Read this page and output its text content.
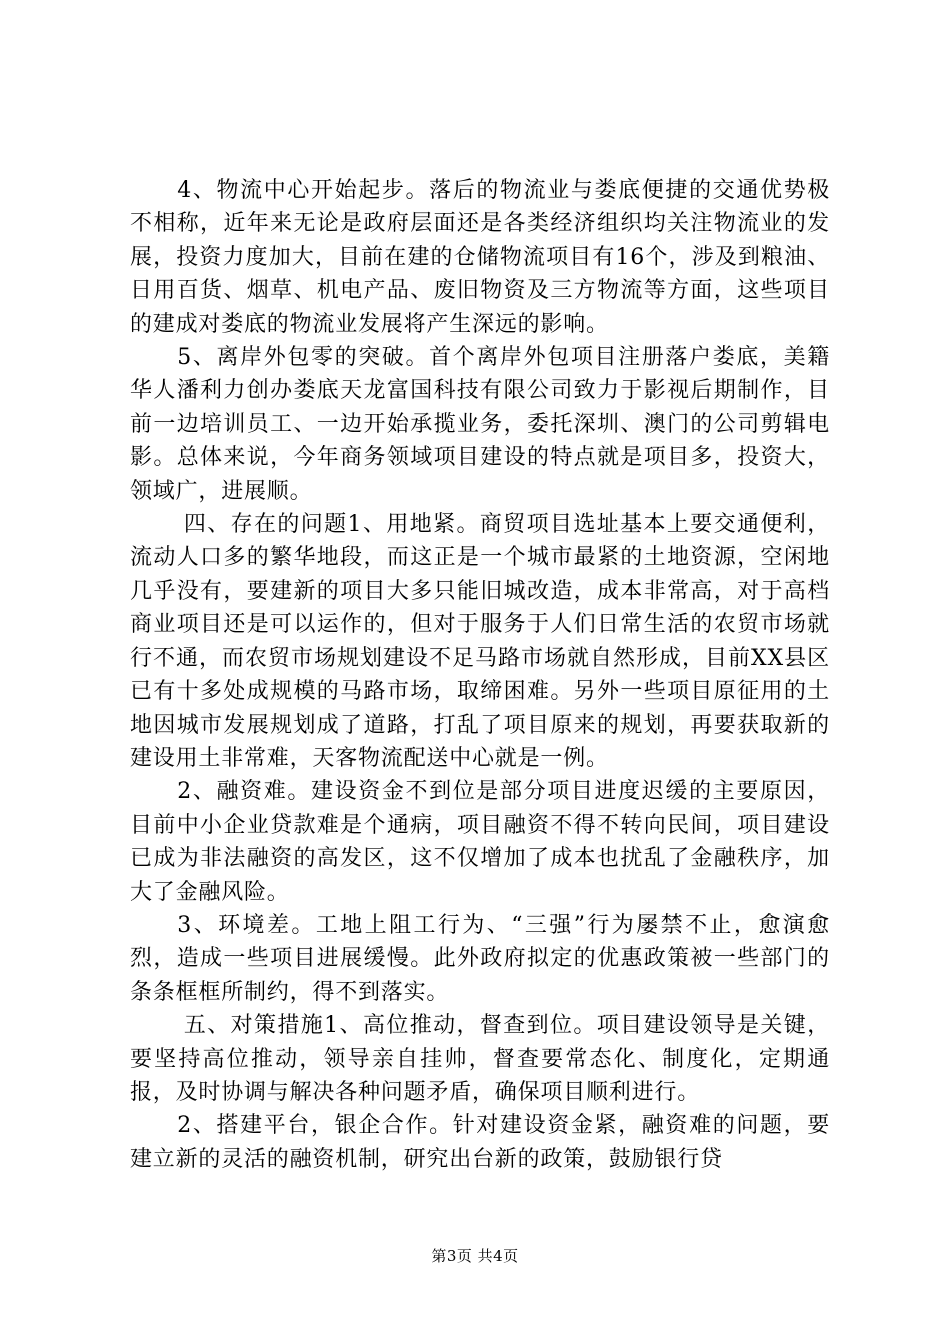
4、物流中心开始起步。落后的物流业与娄底便捷的交通优势极不相称，近年来无论是政府层面还是各类经济组织均关注物流业的发展，投资力度加大，目前在建的仓储物流项目有16个，涉及到粮油、日用百货、烟草、机电产品、废旧物资及三方物流等方面，这些项目的建成对娄底的物流业发展将产生深远的影响。

5、离岸外包零的突破。首个离岸外包项目注册落户娄底，美籍华人潘利力创办娄底天龙富国科技有限公司致力于影视后期制作，目前一边培训员工、一边开始承揽业务，委托深圳、澳门的公司剪辑电影。总体来说，今年商务领域项目建设的特点就是项目多，投资大，领域广，进展顺。

四、存在的问题1、用地紧。商贸项目选址基本上要交通便利，流动人口多的繁华地段，而这正是一个城市最紧的土地资源，空闲地几乎没有，要建新的项目大多只能旧城改造，成本非常高，对于高档商业项目还是可以运作的，但对于服务于人们日常生活的农贸市场就行不通，而农贸市场规划建设不足马路市场就自然形成，目前XX县区已有十多处成规模的马路市场，取缔困难。另外一些项目原征用的土地因城市发展规划成了道路，打乱了项目原来的规划，再要获取新的建设用土非常难，天客物流配送中心就是一例。

2、融资难。建设资金不到位是部分项目进度迟缓的主要原因，目前中小企业贷款难是个通病，项目融资不得不转向民间，项目建设已成为非法融资的高发区，这不仅增加了成本也扰乱了金融秩序，加大了金融风险。

3、环境差。工地上阻工行为、“三强”行为屡禁不止，愈演愈烈，造成一些项目进展缓慢。此外政府拟定的优惠政策被一些部门的条条框框所制约，得不到落实。

五、对策措施1、高位推动，督查到位。项目建设领导是关键，要坚持高位推动，领导亲自挂帅，督查要常态化、制度化，定期通报，及时协调与解决各种问题矛盾，确保项目顺利进行。

2、搭建平台，银企合作。针对建设资金紧，融资难的问题，要建立新的灵活的融资机制，研究出台新的政策，鼓励银行贷

第3页 共4页
